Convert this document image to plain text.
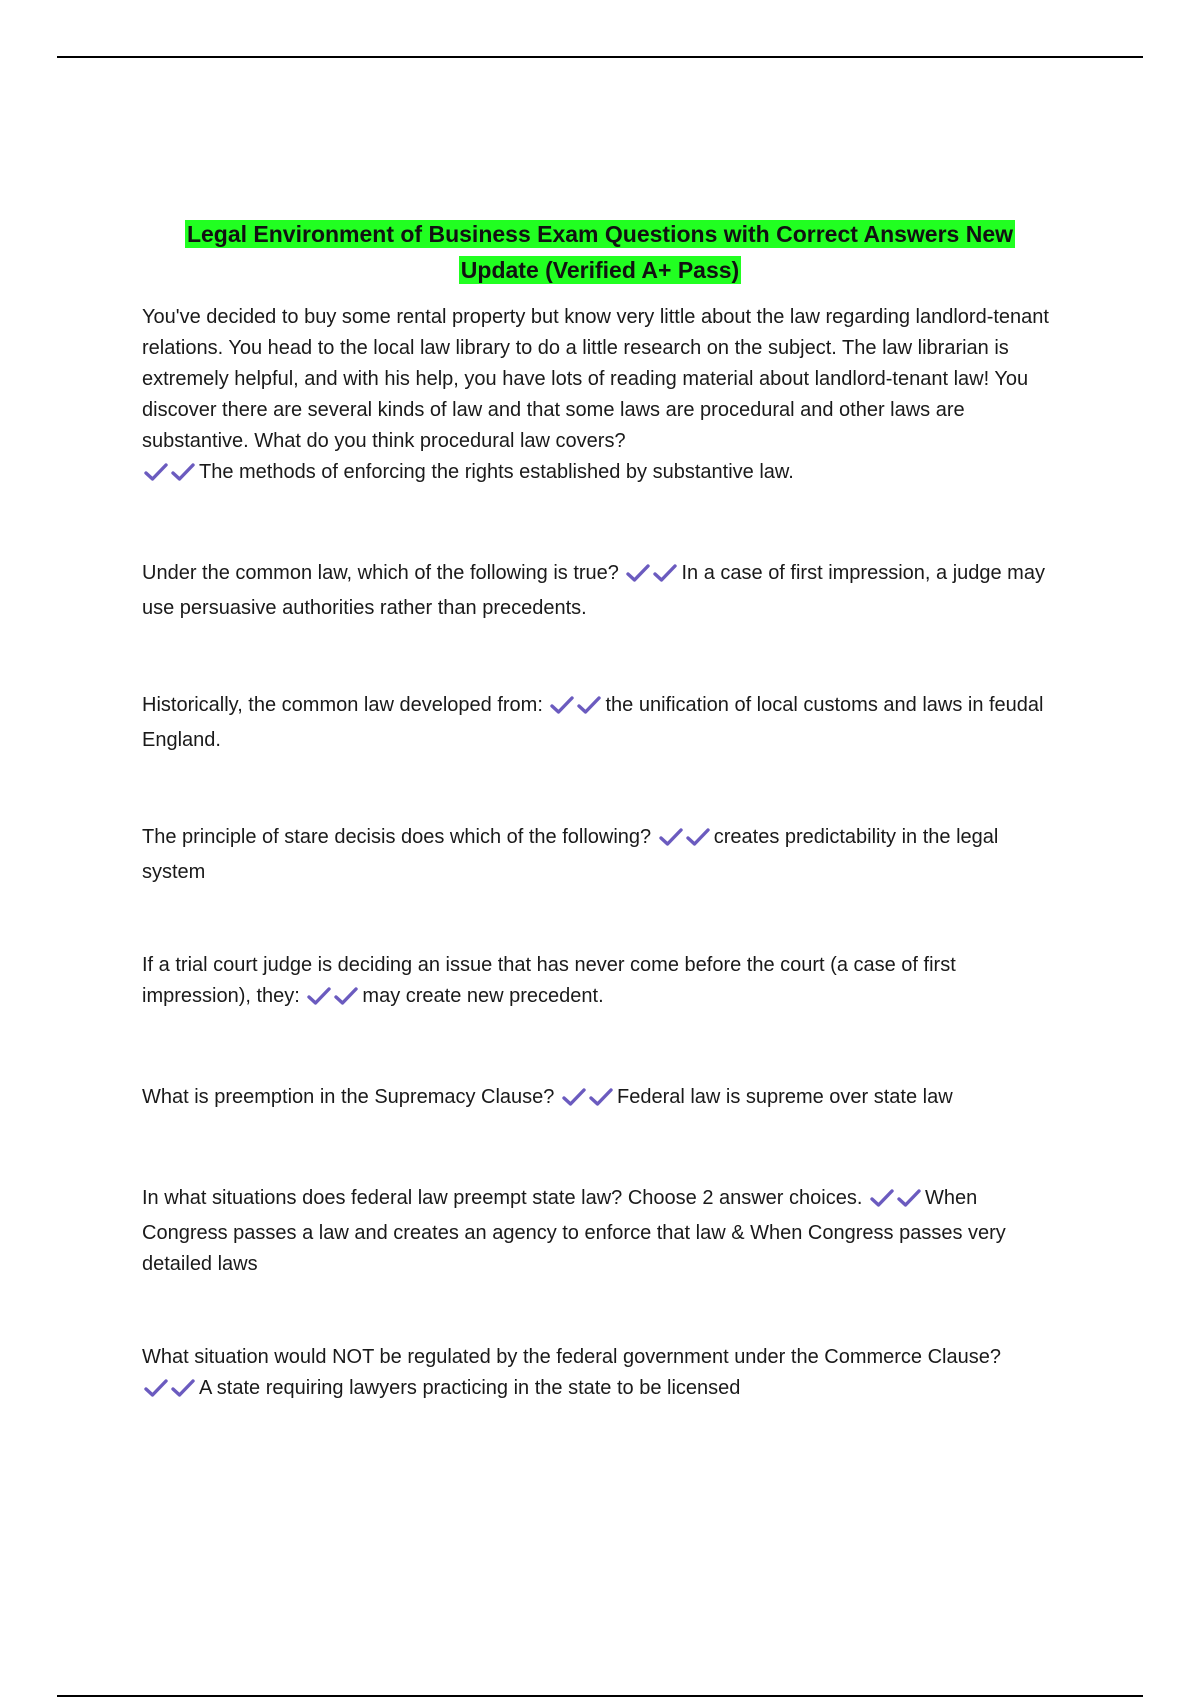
Legal Environment of Business Exam Questions with Correct Answers New
Update (Verified A+ Pass)

You've decided to buy some rental property but know very little about the law regarding landlord-tenant relations. You head to the local law library to do a little research on the subject. The law librarian is extremely helpful, and with his help, you have lots of reading material about landlord-tenant law! You discover there are several kinds of law and that some laws are procedural and other laws are substantive. What do you think procedural law covers?
The methods of enforcing the rights established by substantive law.

Under the common law, which of the following is true?	In a case of first impression, a judge may use persuasive authorities rather than precedents.

Historically, the common law developed from:	the unification of local customs and laws in feudal England.

The principle of stare decisis does which of the following?	creates predictability in the legal system

If a trial court judge is deciding an issue that has never come before the court (a case of first impression), they:	may create new precedent.

What is preemption in the Supremacy Clause?	Federal law is supreme over state law

In what situations does federal law preempt state law? Choose 2 answer choices.	When Congress passes a law and creates an agency to enforce that law & When Congress passes very detailed laws

What situation would NOT be regulated by the federal government under the Commerce Clause? A state requiring lawyers practicing in the state to be licensed
